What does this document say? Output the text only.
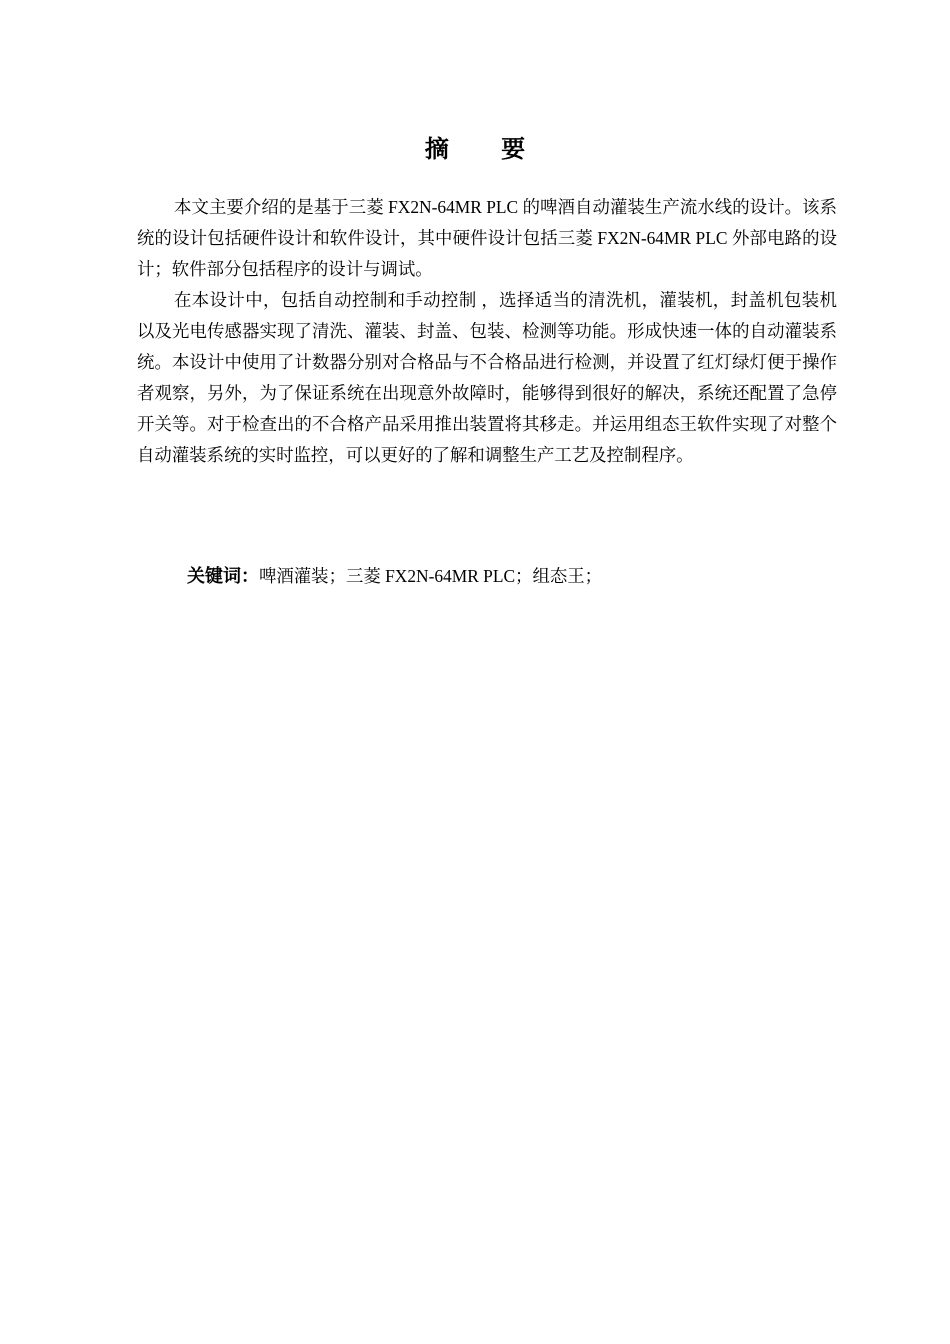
摘 要

本文主要介绍的是基于三菱 FX2N-64MR PLC 的啤酒自动灌装生产流水线的设计。该系统的设计包括硬件设计和软件设计，其中硬件设计包括三菱 FX2N-64MR PLC 外部电路的设计；软件部分包括程序的设计与调试。

在本设计中，包括自动控制和手动控制 ，选择适当的清洗机，灌装机，封盖机包装机以及光电传感器实现了清洗、灌装、封盖、包装、检测等功能。形成快速一体的自动灌装系统。本设计中使用了计数器分别对合格品与不合格品进行检测，并设置了红灯绿灯便于操作者观察，另外，为了保证系统在出现意外故障时，能够得到很好的解决，系统还配置了急停开关等。对于检查出的不合格产品采用推出装置将其移走。并运用组态王软件实现了对整个自动灌装系统的实时监控，可以更好的了解和调整生产工艺及控制程序。

关键词：啤酒灌装；三菱 FX2N-64MR PLC；组态王；
